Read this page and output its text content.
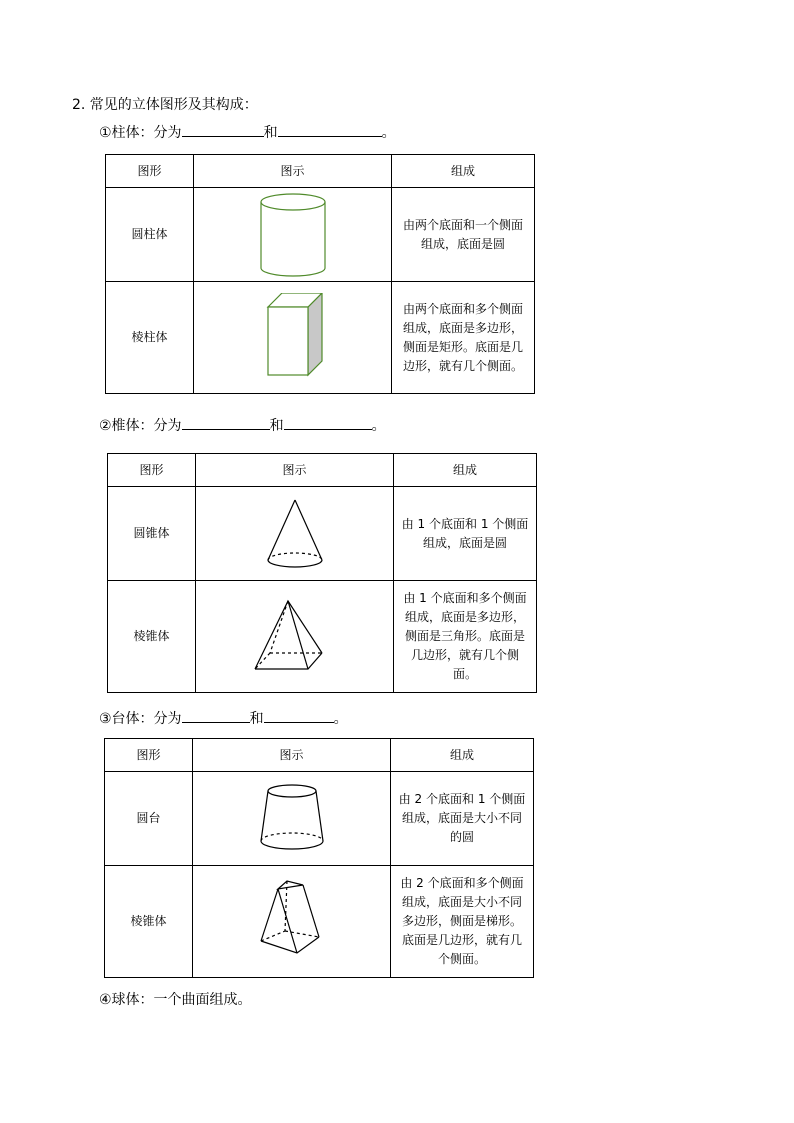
2. 常见的立体图形及其构成：
①柱体：分为	和	。
图形	图示	组成
圆柱体		由两个底面和一个侧面
组成，底面是圆

棱柱体		由两个底面和多个侧面
组成，底面是多边形，
侧面是矩形。底面是几
边形，就有几个侧面。
②椎体：分为	和	。
图形	图示	组成
圆锥体		由 1 个底面和 1 个侧面
组成，底面是圆

棱锥体		由 1 个底面和多个侧面
组成，底面是多边形，
侧面是三角形。底面是
几边形，就有几个侧面。
③台体：分为	和	。
图形	图示	组成
圆台		由 2 个底面和 1 个侧面
组成，底面是大小不同
的圆

棱锥体		由 2 个底面和多个侧面
组成，底面是大小不同
多边形，侧面是梯形。
底面是几边形，就有几
个侧面。
④球体：一个曲面组成。
